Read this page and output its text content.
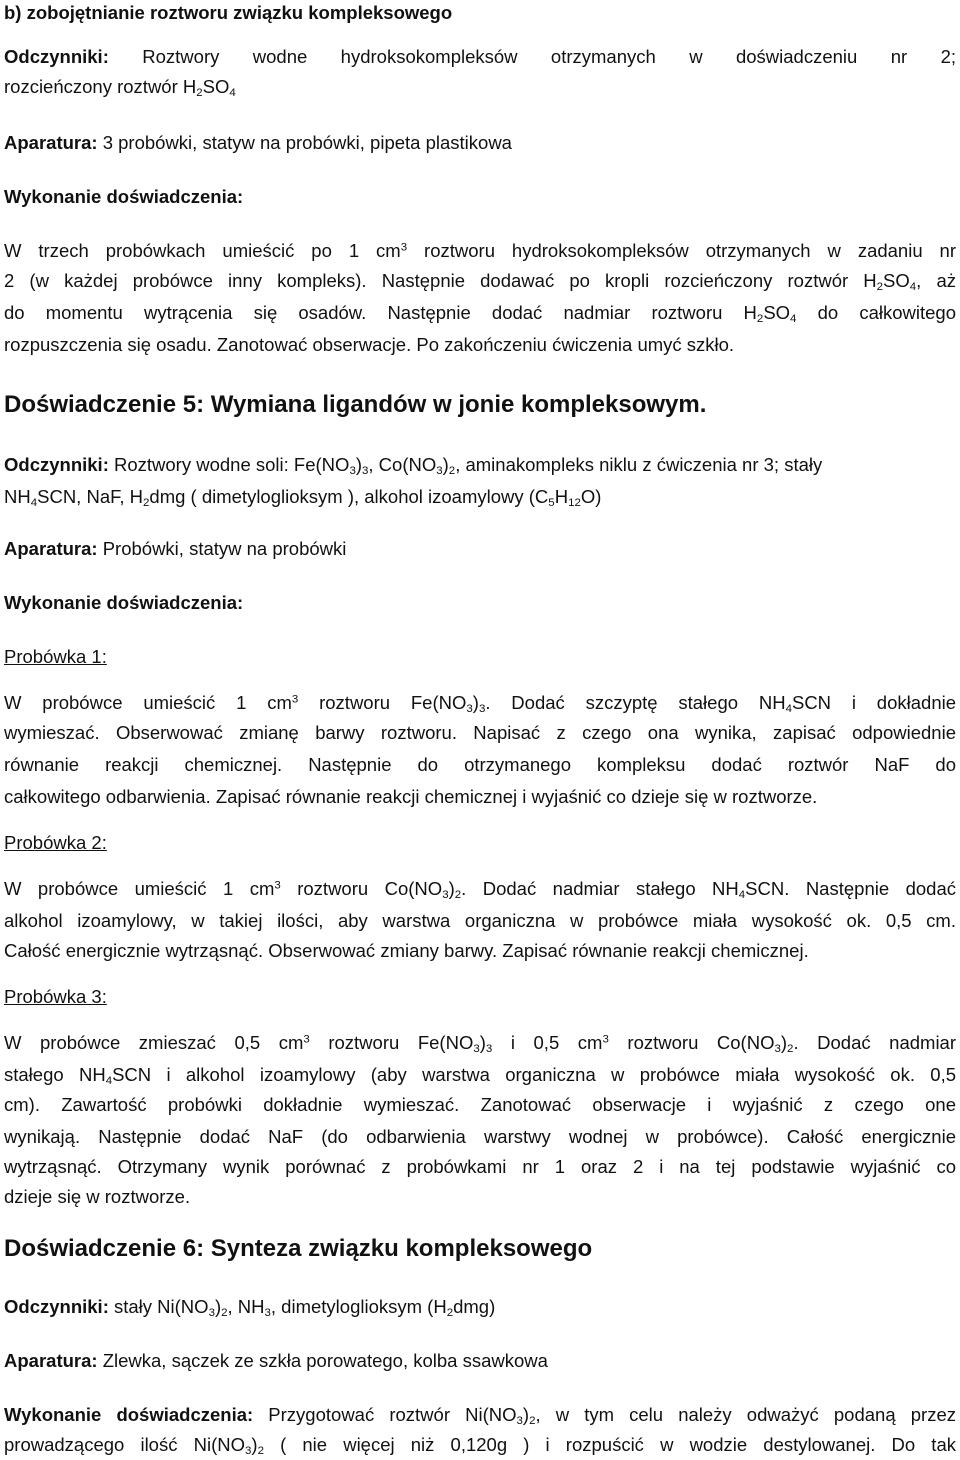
b) zobojętnianie roztworu związku kompleksowego
Odczynniki: Roztwory wodne hydroksokompleksów otrzymanych w doświadczeniu nr 2;
rozcieńczony roztwór $H_2SO_4$
Aparatura: 3 probówki, statyw na probówki, pipeta plastikowa
Wykonanie doświadczenia:
W trzech probówkach umieścić po 1 $cm^3$ roztworu hydroksokompleksów otrzymanych w zadaniu nr
2 (w każdej probówce inny kompleks). Następnie dodawać po kropli rozcieńczony roztwór $H_2SO_4$, aż
do momentu wytrącenia się osadów. Następnie dodać nadmiar roztworu $H_2SO_4$ do całkowitego
rozpuszczenia się osadu. Zanotować obserwacje. Po zakończeniu ćwiczenia umyć szkło.
Doświadczenie 5: Wymiana ligandów w jonie kompleksowym.
Odczynniki: Roztwory wodne soli: $Fe(NO_3)_3$, $Co(NO_3)_2$, aminakompleks niklu z ćwiczenia nr 3; stały
$NH_4SCN$, NaF, $H_2dmg$ ( dimetyloglioksym ), alkohol izoamylowy $(C_5H_{12}O)$
Aparatura: Probówki, statyw na probówki
Wykonanie doświadczenia:
Probówka 1:
W probówce umieścić 1 $cm^3$ roztworu $Fe(NO_3)_3$. Dodać szczyptę stałego $NH_4SCN$ i dokładnie
wymieszać. Obserwować zmianę barwy roztworu. Napisać z czego ona wynika, zapisać odpowiednie
równanie reakcji chemicznej. Następnie do otrzymanego kompleksu dodać roztwór NaF do
całkowitego odbarwienia. Zapisać równanie reakcji chemicznej i wyjaśnić co dzieje się w roztworze.
Probówka 2:
W probówce umieścić 1 $cm^3$ roztworu $Co(NO_3)_2$. Dodać nadmiar stałego $NH_4SCN$. Następnie dodać
alkohol izoamylowy, w takiej ilości, aby warstwa organiczna w probówce miała wysokość ok. 0,5 cm.
Całość energicznie wytrząsnąć. Obserwować zmiany barwy. Zapisać równanie reakcji chemicznej.
Probówka 3:
W probówce zmieszać 0,5 $cm^3$ roztworu $Fe(NO_3)_3$ i 0,5 $cm^3$ roztworu $Co(NO_3)_2$. Dodać nadmiar
stałego $NH_4SCN$ i alkohol izoamylowy (aby warstwa organiczna w probówce miała wysokość ok. 0,5
cm). Zawartość probówki dokładnie wymieszać. Zanotować obserwacje i wyjaśnić z czego one
wynikają. Następnie dodać NaF (do odbarwienia warstwy wodnej w probówce). Całość energicznie
wytrząsnąć. Otrzymany wynik porównać z probówkami nr 1 oraz 2 i na tej podstawie wyjaśnić co
dzieje się w roztworze.
Doświadczenie 6: Synteza związku kompleksowego
Odczynniki: stały $Ni(NO_3)_2$, $NH_3$, dimetyloglioksym $(H_2dmg)$
Aparatura: Zlewka, sączek ze szkła porowatego, kolba ssawkowa
Wykonanie doświadczenia: Przygotować roztwór $Ni(NO_3)_2$, w tym celu należy odważyć podaną przez
prowadzącego ilość $Ni(NO_3)_2$ ( nie więcej niż 0,120g ) i rozpuścić w wodzie destylowanej. Do tak
